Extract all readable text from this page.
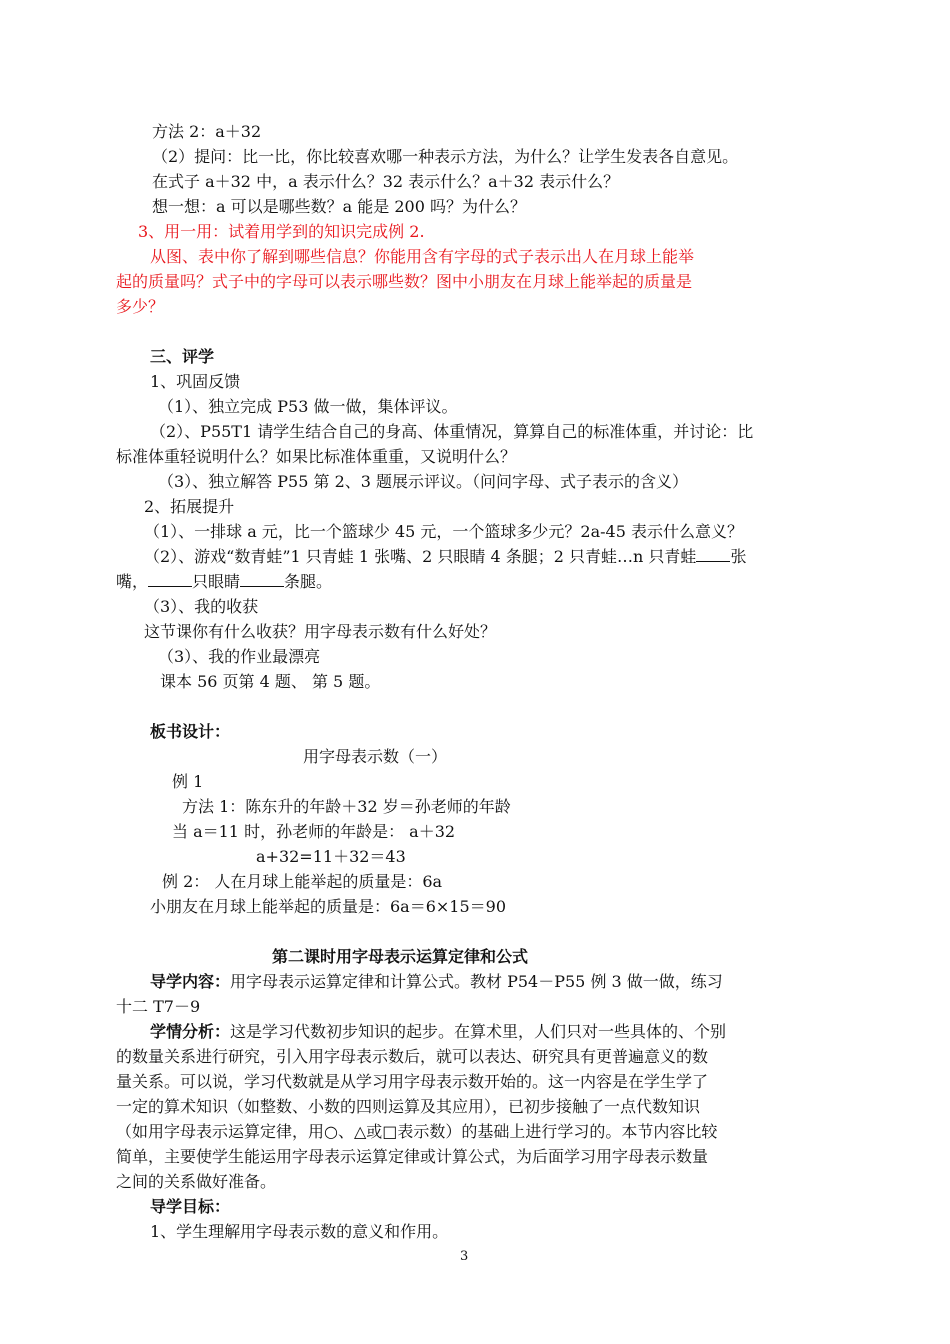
方法 2：a＋32
（2）提问：比一比，你比较喜欢哪一种表示方法，为什么？让学生发表各自意见。
在式子 a＋32 中，a 表示什么？32 表示什么？a＋32 表示什么？
想一想：a 可以是哪些数？a 能是 200 吗？为什么？
3、用一用：试着用学到的知识完成例 2.
从图、表中你了解到哪些信息？你能用含有字母的式子表示出人在月球上能举
起的质量吗？式子中的字母可以表示哪些数？图中小朋友在月球上能举起的质量是
多少？
三、评学
1、巩固反馈
（1）、独立完成 P53 做一做，集体评议。
（2）、P55T1 请学生结合自己的身高、体重情况，算算自己的标准体重，并讨论：比
标准体重轻说明什么？如果比标准体重重，又说明什么？
（3）、独立解答 P55 第 2、3 题展示评议。（问问字母、式子表示的含义）
2、拓展提升
（1）、一排球 a 元，比一个篮球少 45 元，一个篮球多少元？2a-45 表示什么意义？
（2）、游戏“数青蛙”1 只青蛙 1 张嘴、2 只眼睛 4 条腿；2 只青蛙…n 只青蛙 张
嘴，	只眼睛	条腿。
（3）、我的收获
这节课你有什么收获？用字母表示数有什么好处？
（3）、我的作业最漂亮
课本 56 页第 4 题、 第 5 题。
板书设计：
用字母表示数（一）
例 1
方法 1：陈东升的年龄＋32 岁＝孙老师的年龄
当 a＝11 时，孙老师的年龄是： a＋32
a+32=11＋32＝43
例 2： 人在月球上能举起的质量是：6a
小朋友在月球上能举起的质量是：6a＝6×15＝90
第二课时用字母表示运算定律和公式
导学内容：用字母表示运算定律和计算公式。教材 P54－P55 例 3 做一做，练习
十二 T7－9
学情分析：这是学习代数初步知识的起步。在算术里，人们只对一些具体的、个别
的数量关系进行研究，引入用字母表示数后，就可以表达、研究具有更普遍意义的数
量关系。可以说，学习代数就是从学习用字母表示数开始的。这一内容是在学生学了
一定的算术知识（如整数、小数的四则运算及其应用），已初步接触了一点代数知识
（如用字母表示运算定律，用○、△或□表示数）的基础上进行学习的。本节内容比较
简单，主要使学生能运用字母表示运算定律或计算公式，为后面学习用字母表示数量
之间的关系做好准备。
导学目标：
1、学生理解用字母表示数的意义和作用。
3
